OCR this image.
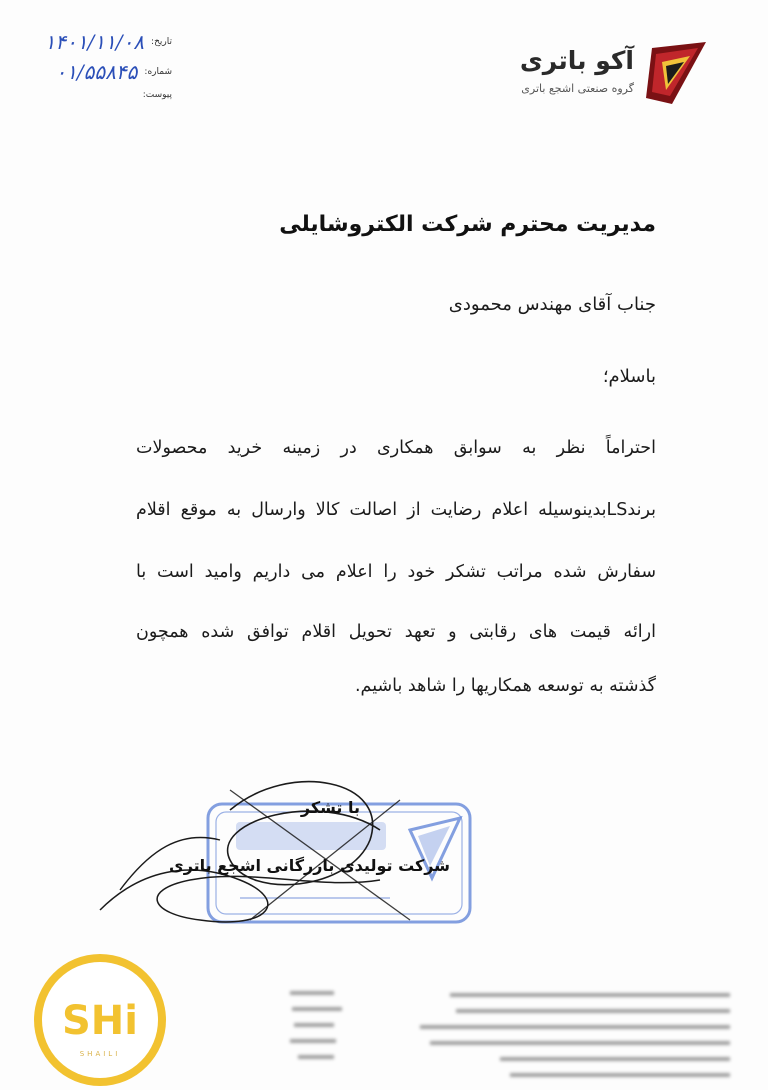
آکو باتری
گروه صنعتی اشجع باتری
تاریخ: ۱۴۰۱/۱۱/۰۸
شماره: ۰۱/۵۵۸۴۵
پیوست:
مدیریت محترم شرکت الکتروشایلی
جناب آقای مهندس محمودی
باسلام؛
احتراماً نظر به سوابق همکاری در زمینه خرید محصولات
برندLSبدینوسیله اعلام رضایت از اصالت کالا وارسال به موقع اقلام
سفارش شده مراتب تشکر خود را اعلام می داریم وامید است با
ارائه قیمت های رقابتی و تعهد تحویل اقلام توافق شده همچون
گذشته به توسعه همکاریها را شاهد باشیم.
با تشکر
شرکت تولیدی بازرگانی اشجع باتری
SHi
SHAILI
